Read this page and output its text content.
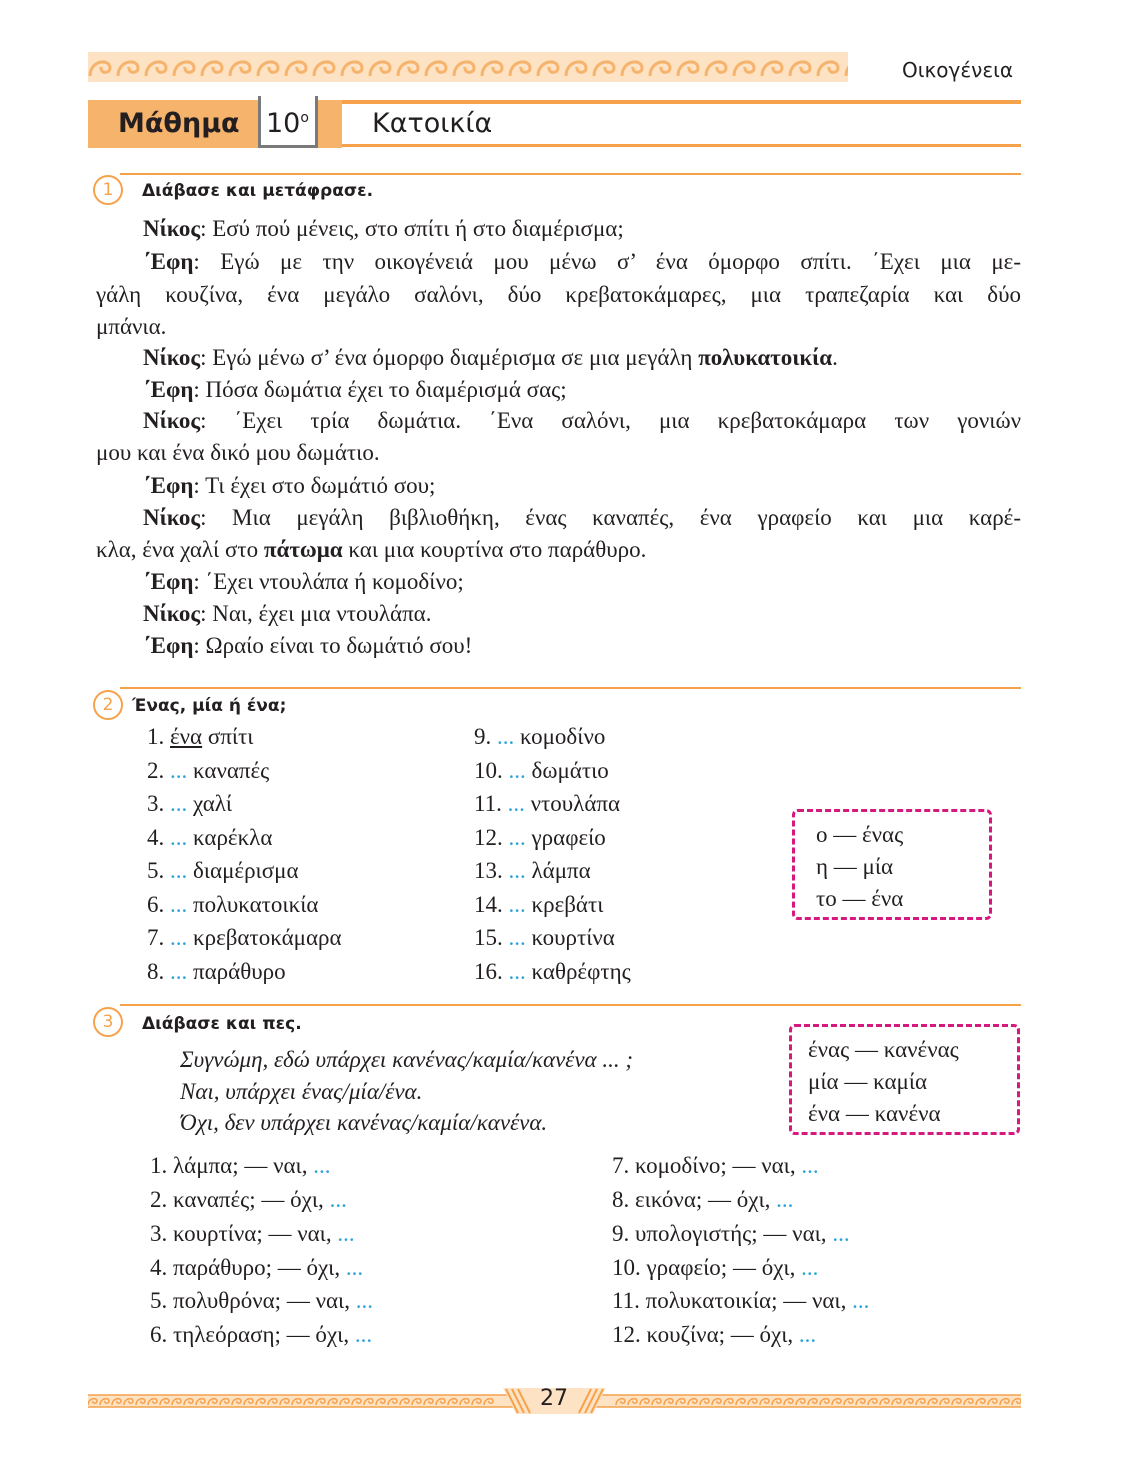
Οικογένεια
Μάθημα $10^o$ Κατοικία
1	Διάβασε και μετάφρασε.
Νίκος: Εσύ πού μένεις, στο σπίτι ή στο διαμέρισμα;
΄Εφη: Εγώ με την οικογένειά μου μένω σ’ ένα όμορφο σπίτι. ΄Εχει μια με-
γάλη κουζίνα, ένα μεγάλο σαλόνι, δύο κρεβατοκάμαρες, μια τραπεζαρία και δύο
μπάνια.
Νίκος: Εγώ μένω σ’ ένα όμορφο διαμέρισμα σε μια μεγάλη πολυκατοικία.
΄Εφη: Πόσα δωμάτια έχει το διαμέρισμά σας;
Νίκος: ΄Εχει τρία δωμάτια. ΄Ενα σαλόνι, μια κρεβατοκάμαρα των γονιών
μου και ένα δικό μου δωμάτιο.
΄Εφη: Τι έχει στο δωμάτιό σου;
Νίκος: Μια μεγάλη βιβλιοθήκη, ένας καναπές, ένα γραφείο και μια καρέ-
κλα, ένα χαλί στο πάτωμα και μια κουρτίνα στο παράθυρο.
΄Εφη: ΄Εχει ντουλάπα ή κομοδίνο;
Νίκος: Ναι, έχει μια ντουλάπα.
΄Εφη: Ωραίο είναι το δωμάτιό σου!
2	Ένας, μία ή ένα;
1. ένα σπίτι
2. ... καναπές
3. ... χαλί
4. ... καρέκλα
5. ... διαμέρισμα
6. ... πολυκατοικία
7. ... κρεβατοκάμαρα
8. ... παράθυρο
9. ... κομοδίνο
10. ... δωμάτιο
11. ... ντουλάπα
12. ... γραφείο
13. ... λάμπα
14. ... κρεβάτι
15. ... κουρτίνα
16. ... καθρέφτης
ο — ένας
η — μία
το — ένα
3	Διάβασε και πες.
Συγνώμη, εδώ υπάρχει κανένας/καμία/κανένα ... ;
Ναι, υπάρχει ένας/μία/ένα.
Όχι, δεν υπάρχει κανένας/καμία/κανένα.
ένας — κανένας
μία — καμία
ένα — κανένα
1. λάμπα; — ναι, ...
2. καναπές; — όχι, ...
3. κουρτίνα; — ναι, ...
4. παράθυρο; — όχι, ...
5. πολυθρόνα; — ναι, ...
6. τηλεόραση; — όχι, ...
7. κομοδίνο; — ναι, ...
8. εικόνα; — όχι, ...
9. υπολογιστής; — ναι, ...
10. γραφείο; — όχι, ...
11. πολυκατοικία; — ναι, ...
12. κουζίνα; — όχι, ...
27
